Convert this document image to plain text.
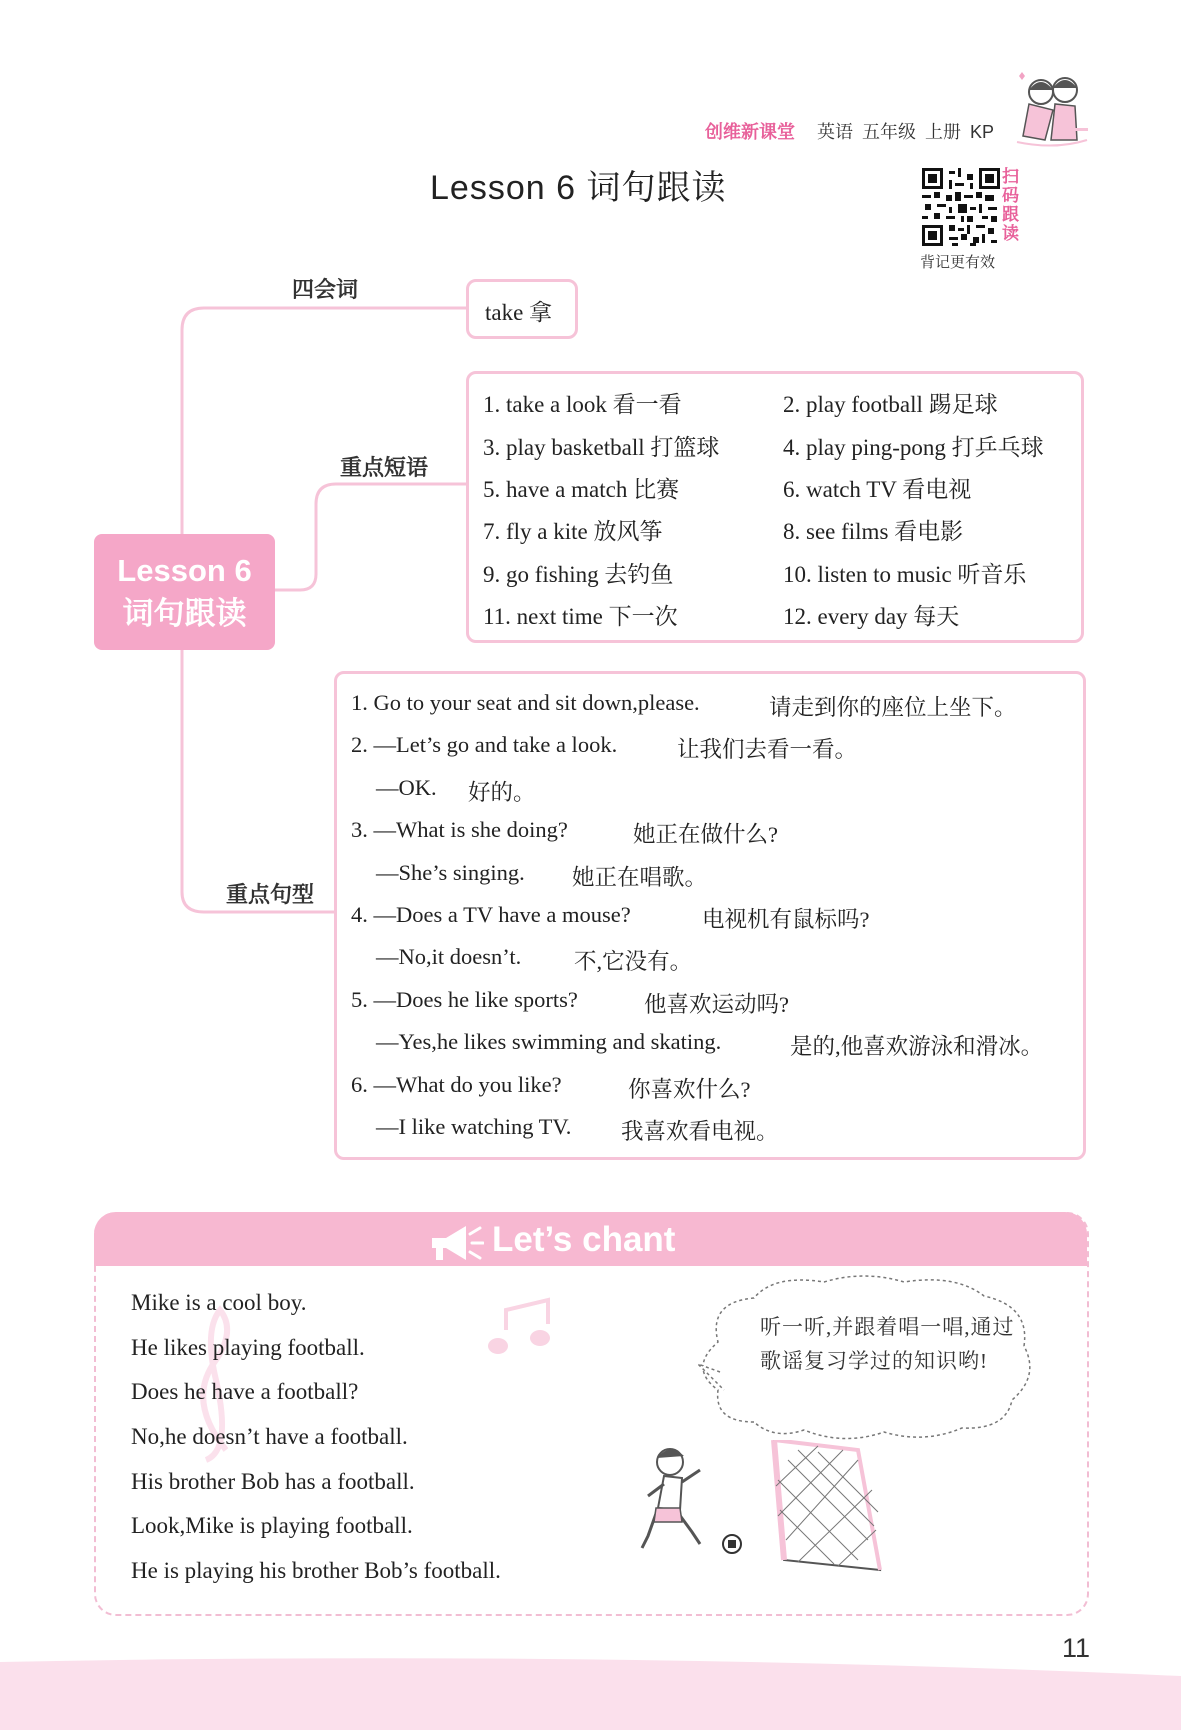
创维新课堂 英语 五年级 上册 KP
Lesson 6 词句跟读	扫
码
跟
读
背记更有效
四会词
重点短语
重点句型
Lesson 6
词句跟读
take 拿
1. take a look 看一看	2. play football 踢足球
3. play basketball 打篮球	4. play ping-pong 打乒乓球
5. have a match 比赛	6. watch TV 看电视
7. fly a kite 放风筝	8. see films 看电影
9. go fishing 去钓鱼	10. listen to music 听音乐
11. next time 下一次	12. every day 每天
1. Go to your seat and sit down,please.	请走到你的座位上坐下。
2. —Let’s go and take a look.	让我们去看一看。
—OK. 好的。
3. —What is she doing?	她正在做什么?
—She’s singing. 她正在唱歌。
4. —Does a TV have a mouse?	电视机有鼠标吗?
—No,it doesn’t. 不,它没有。
5. —Does he like sports?	他喜欢运动吗?
—Yes,he likes swimming and skating.	是的,他喜欢游泳和滑冰。
6. —What do you like?	你喜欢什么?
—I like watching TV. 我喜欢看电视。
Let’s chant
Mike is a cool boy.
He likes playing football.
Does he have a football?
No,he doesn’t have a football.
His brother Bob has a football.
Look,Mike is playing football.
He is playing his brother Bob’s football.
听一听,并跟着唱一唱,通过歌谣复习学过的知识哟!
11
